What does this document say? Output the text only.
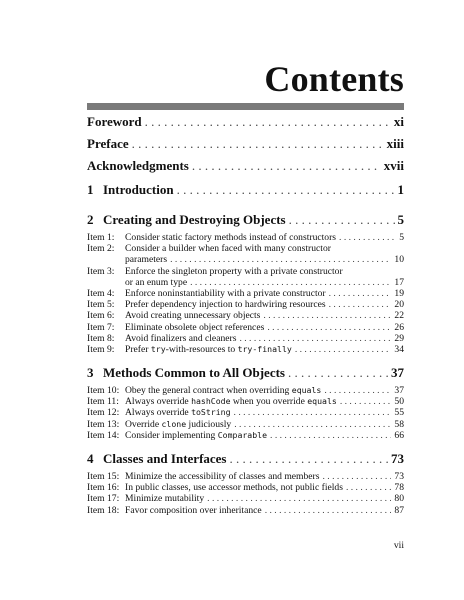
Contents
Foreword . . .	xi
Preface . . .	xiii
Acknowledgments . . .	xvii
1 Introduction . . .	1
2 Creating and Destroying Objects . . .	5
Item 1:	Consider static factory methods instead of constructors . . .	5
Item 2:	Consider a builder when faced with many constructor
parameters . . .	10
Item 3:	Enforce the singleton property with a private constructor
or an enum type . . .	17
Item 4:	Enforce noninstantiability with a private constructor . . .	19
Item 5:	Prefer dependency injection to hardwiring resources . . .	20
Item 6:	Avoid creating unnecessary objects . . .	22
Item 7:	Eliminate obsolete object references . . .	26
Item 8:	Avoid finalizers and cleaners . . .	29
Item 9:	Prefer try-with-resources to try-finally . . .	34
3 Methods Common to All Objects . . .	37
Item 10: Obey the general contract when overriding equals . . .	37
Item 11: Always override hashCode when you override equals . . .	50
Item 12: Always override toString . . .	55
Item 13: Override clone judiciously . . .	58
Item 14: Consider implementing Comparable . . .	66
4 Classes and Interfaces . . .	73
Item 15: Minimize the accessibility of classes and members . . .	73
Item 16: In public classes, use accessor methods, not public fields . . .	78
Item 17: Minimize mutability . . .	80
Item 18: Favor composition over inheritance . . .	87
vii
